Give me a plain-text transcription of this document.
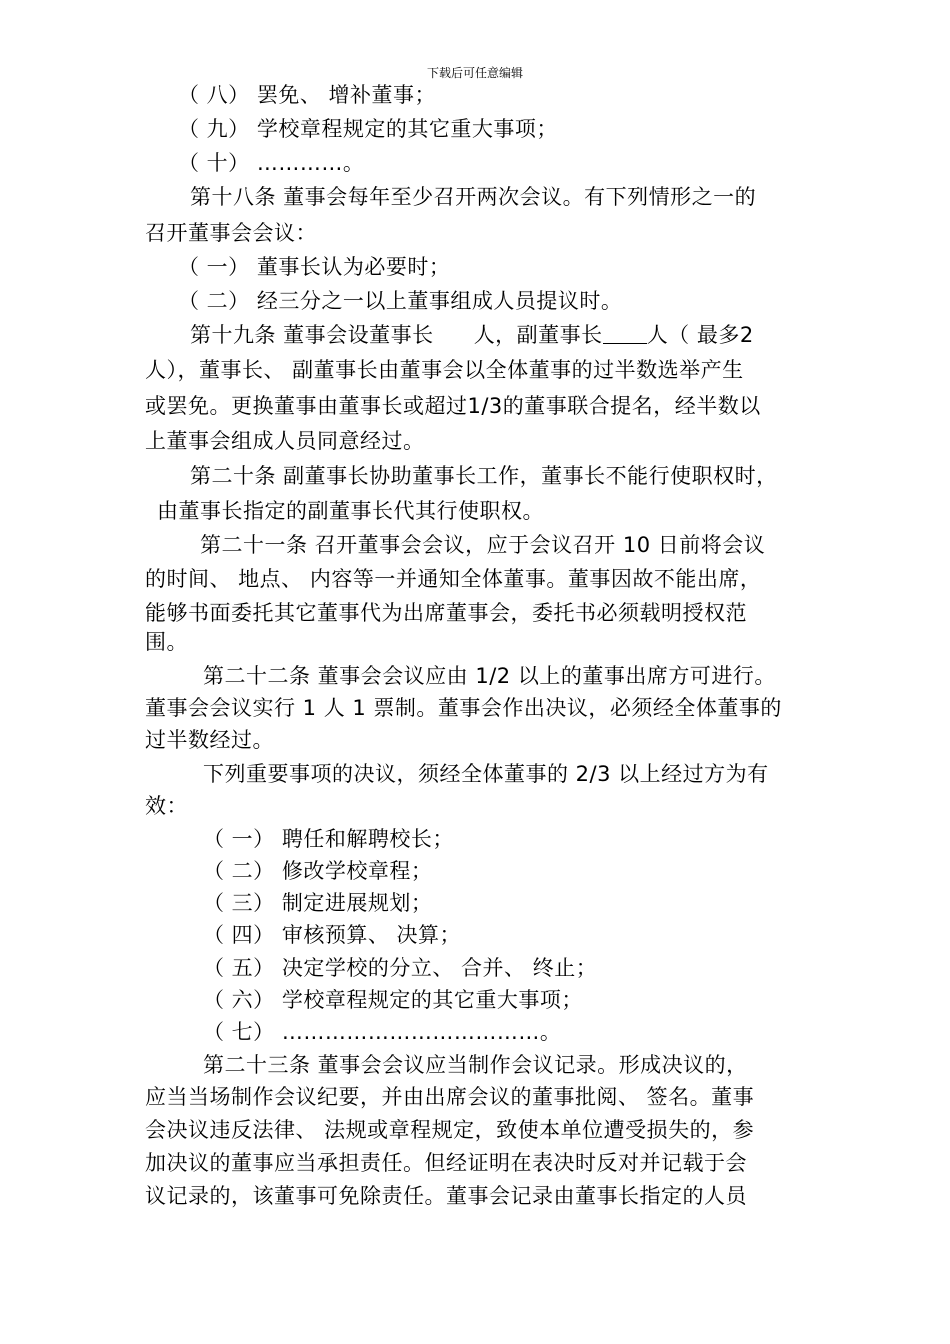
下载后可任意编辑
（ 八） 罢免、 增补董事；
（ 九） 学校章程规定的其它重大事项；
（ 十） …………。
第十八条 董事会每年至少召开两次会议。有下列情形之一的
召开董事会会议：
（ 一） 董事长认为必要时；
（ 二） 经三分之一以上董事组成人员提议时。
第十九条 董事会设董事长 人，副董事长 人（ 最多2
人），董事长、 副董事长由董事会以全体董事的过半数选举产生
或罢免。更换董事由董事长或超过1/3的董事联合提名，经半数以
上董事会组成人员同意经过。
第二十条 副董事长协助董事长工作，董事长不能行使职权时，
由董事长指定的副董事长代其行使职权。
第二十一条 召开董事会会议，应于会议召开 10 日前将会议
的时间、 地点、 内容等一并通知全体董事。董事因故不能出席，
能够书面委托其它董事代为出席董事会，委托书必须载明授权范
围。
第二十二条 董事会会议应由 1/2 以上的董事出席方可进行。
董事会会议实行 1 人 1 票制。董事会作出决议，必须经全体董事的
过半数经过。
下列重要事项的决议，须经全体董事的 2/3 以上经过方为有
效：
（ 一） 聘任和解聘校长；
（ 二） 修改学校章程；
（ 三） 制定进展规划；
（ 四） 审核预算、 决算；
（ 五） 决定学校的分立、 合并、 终止；
（ 六） 学校章程规定的其它重大事项；
（ 七） ………………………………。
第二十三条 董事会会议应当制作会议记录。形成决议的，
应当当场制作会议纪要，并由出席会议的董事批阅、 签名。董事
会决议违反法律、 法规或章程规定，致使本单位遭受损失的，参
加决议的董事应当承担责任。但经证明在表决时反对并记载于会
议记录的，该董事可免除责任。董事会记录由董事长指定的人员
